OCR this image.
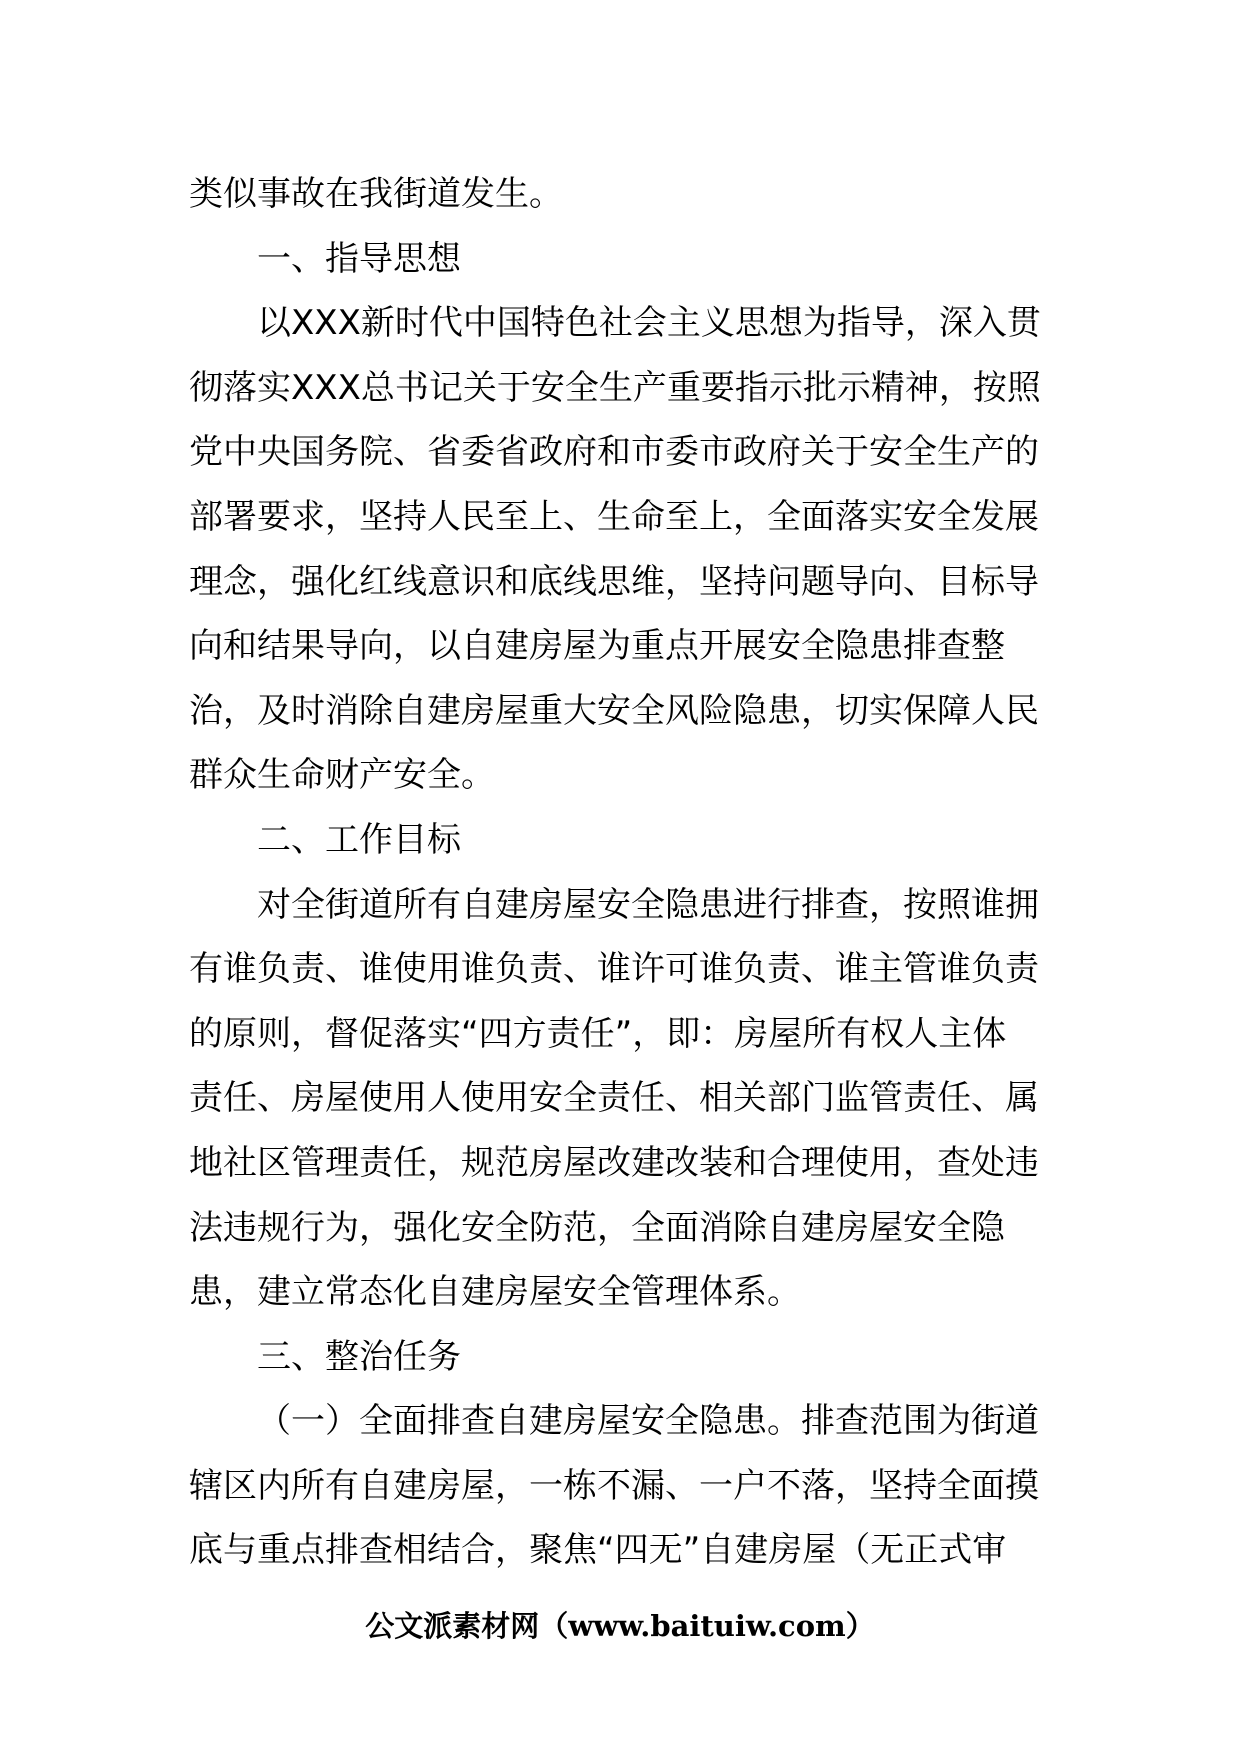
类似事故在我街道发生。
一、指导思想
以XXX新时代中国特色社会主义思想为指导，深入贯
彻落实XXX总书记关于安全生产重要指示批示精神，按照
党中央国务院、省委省政府和市委市政府关于安全生产的
部署要求，坚持人民至上、生命至上，全面落实安全发展
理念，强化红线意识和底线思维，坚持问题导向、目标导
向和结果导向，以自建房屋为重点开展安全隐患排查整
治，及时消除自建房屋重大安全风险隐患，切实保障人民
群众生命财产安全。
二、工作目标
对全街道所有自建房屋安全隐患进行排查，按照谁拥
有谁负责、谁使用谁负责、谁许可谁负责、谁主管谁负责
的原则，督促落实“四方责任”，即：房屋所有权人主体
责任、房屋使用人使用安全责任、相关部门监管责任、属
地社区管理责任，规范房屋改建改装和合理使用，查处违
法违规行为，强化安全防范，全面消除自建房屋安全隐
患，建立常态化自建房屋安全管理体系。
三、整治任务
（一）全面排查自建房屋安全隐患。排查范围为街道
辖区内所有自建房屋，一栋不漏、一户不落，坚持全面摸
底与重点排查相结合，聚焦“四无”自建房屋（无正式审
公文派素材网（www.baituiw.com）
